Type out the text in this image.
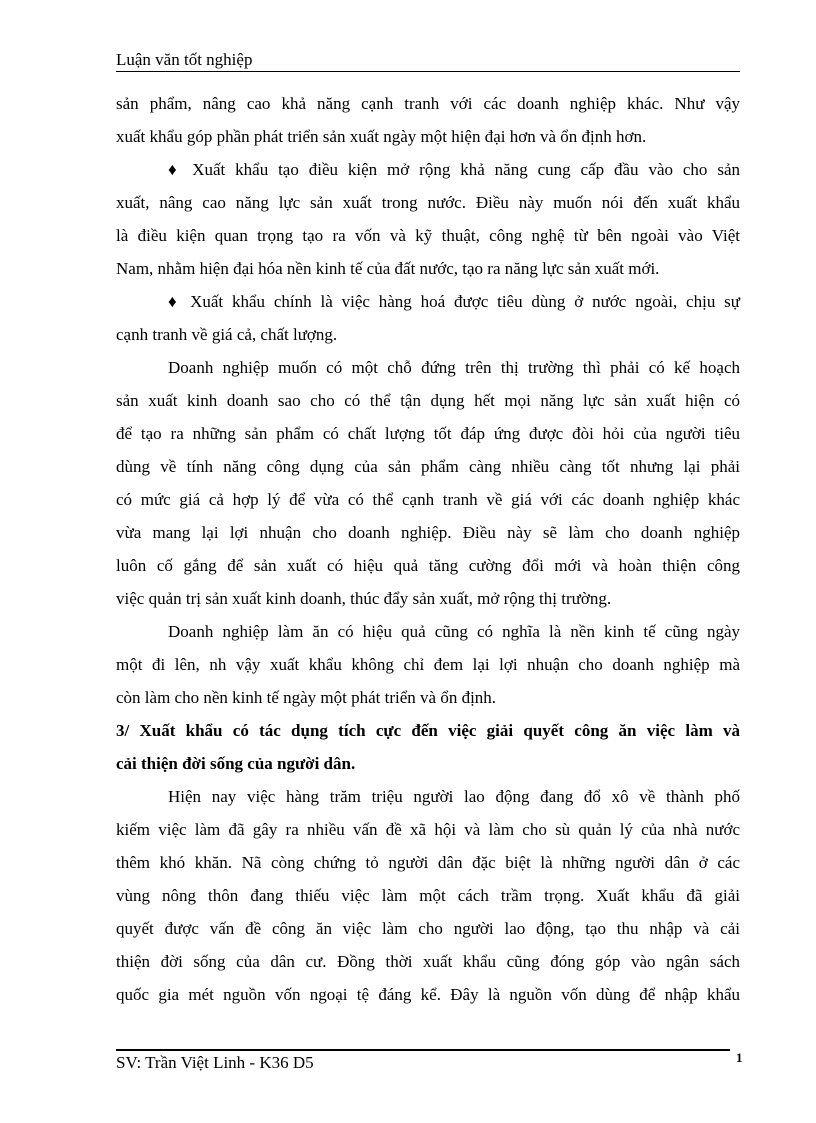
Luận văn tốt nghiệp
sản phẩm, nâng cao khả năng cạnh tranh với các doanh nghiệp khác. Như vậy
xuất khẩu góp phần phát triển sản xuất ngày một hiện đại hơn và ổn định hơn.
♦ Xuất khẩu tạo điều kiện mở rộng khả năng cung cấp đầu vào cho sản
xuất, nâng cao năng lực sản xuất trong nước. Điều này muốn nói đến xuất khẩu
là điều kiện quan trọng tạo ra vốn và kỹ thuật, công nghệ từ bên ngoài vào Việt
Nam, nhằm hiện đại hóa nền kinh tế của đất nước, tạo ra năng lực sản xuất mới.
♦ Xuất khẩu chính là việc hàng hoá được tiêu dùng ở nước ngoài, chịu sự
cạnh tranh về giá cả, chất lượng.
Doanh nghiệp muốn có một chỗ đứng trên thị trường thì phải có kế hoạch
sản xuất kinh doanh sao cho có thể tận dụng hết mọi năng lực sản xuất hiện có
để tạo ra những sản phẩm có chất lượng tốt đáp ứng được đòi hỏi của người tiêu
dùng về tính năng công dụng của sản phẩm càng nhiều càng tốt nhưng lại phải
có mức giá cả hợp lý để vừa có thể cạnh tranh về giá với các doanh nghiệp khác
vừa mang lại lợi nhuận cho doanh nghiệp. Điều này sẽ làm cho doanh nghiệp
luôn cố gắng để sản xuất có hiệu quả tăng cường đổi mới và hoàn thiện công
việc quản trị sản xuất kinh doanh, thúc đẩy sản xuất, mở rộng thị trường.
Doanh nghiệp làm ăn có hiệu quả cũng có nghĩa là nền kinh tế cũng ngày
một đi lên, nh vậy xuất khẩu không chỉ đem lại lợi nhuận cho doanh nghiệp mà
còn làm cho nền kinh tế ngày một phát triển và ổn định.
3/ Xuất khẩu có tác dụng tích cực đến việc giải quyết công ăn việc làm và
cải thiện đời sống của người dân.
Hiện nay việc hàng trăm triệu người lao động đang đổ xô về thành phố
kiếm việc làm đã gây ra nhiều vấn đề xã hội và làm cho sù quản lý của nhà nước
thêm khó khăn. Nã còng chứng tỏ người dân đặc biệt là những người dân ở các
vùng nông thôn đang thiếu việc làm một cách trầm trọng. Xuất khẩu đã giải
quyết được vấn đề công ăn việc làm cho người lao động, tạo thu nhập và cải
thiện đời sống của dân cư. Đồng thời xuất khẩu cũng đóng góp vào ngân sách
quốc gia mét nguồn vốn ngoại tệ đáng kể. Đây là nguồn vốn dùng để nhập khẩu
SV: Trần Việt Linh - K36 D5	1
